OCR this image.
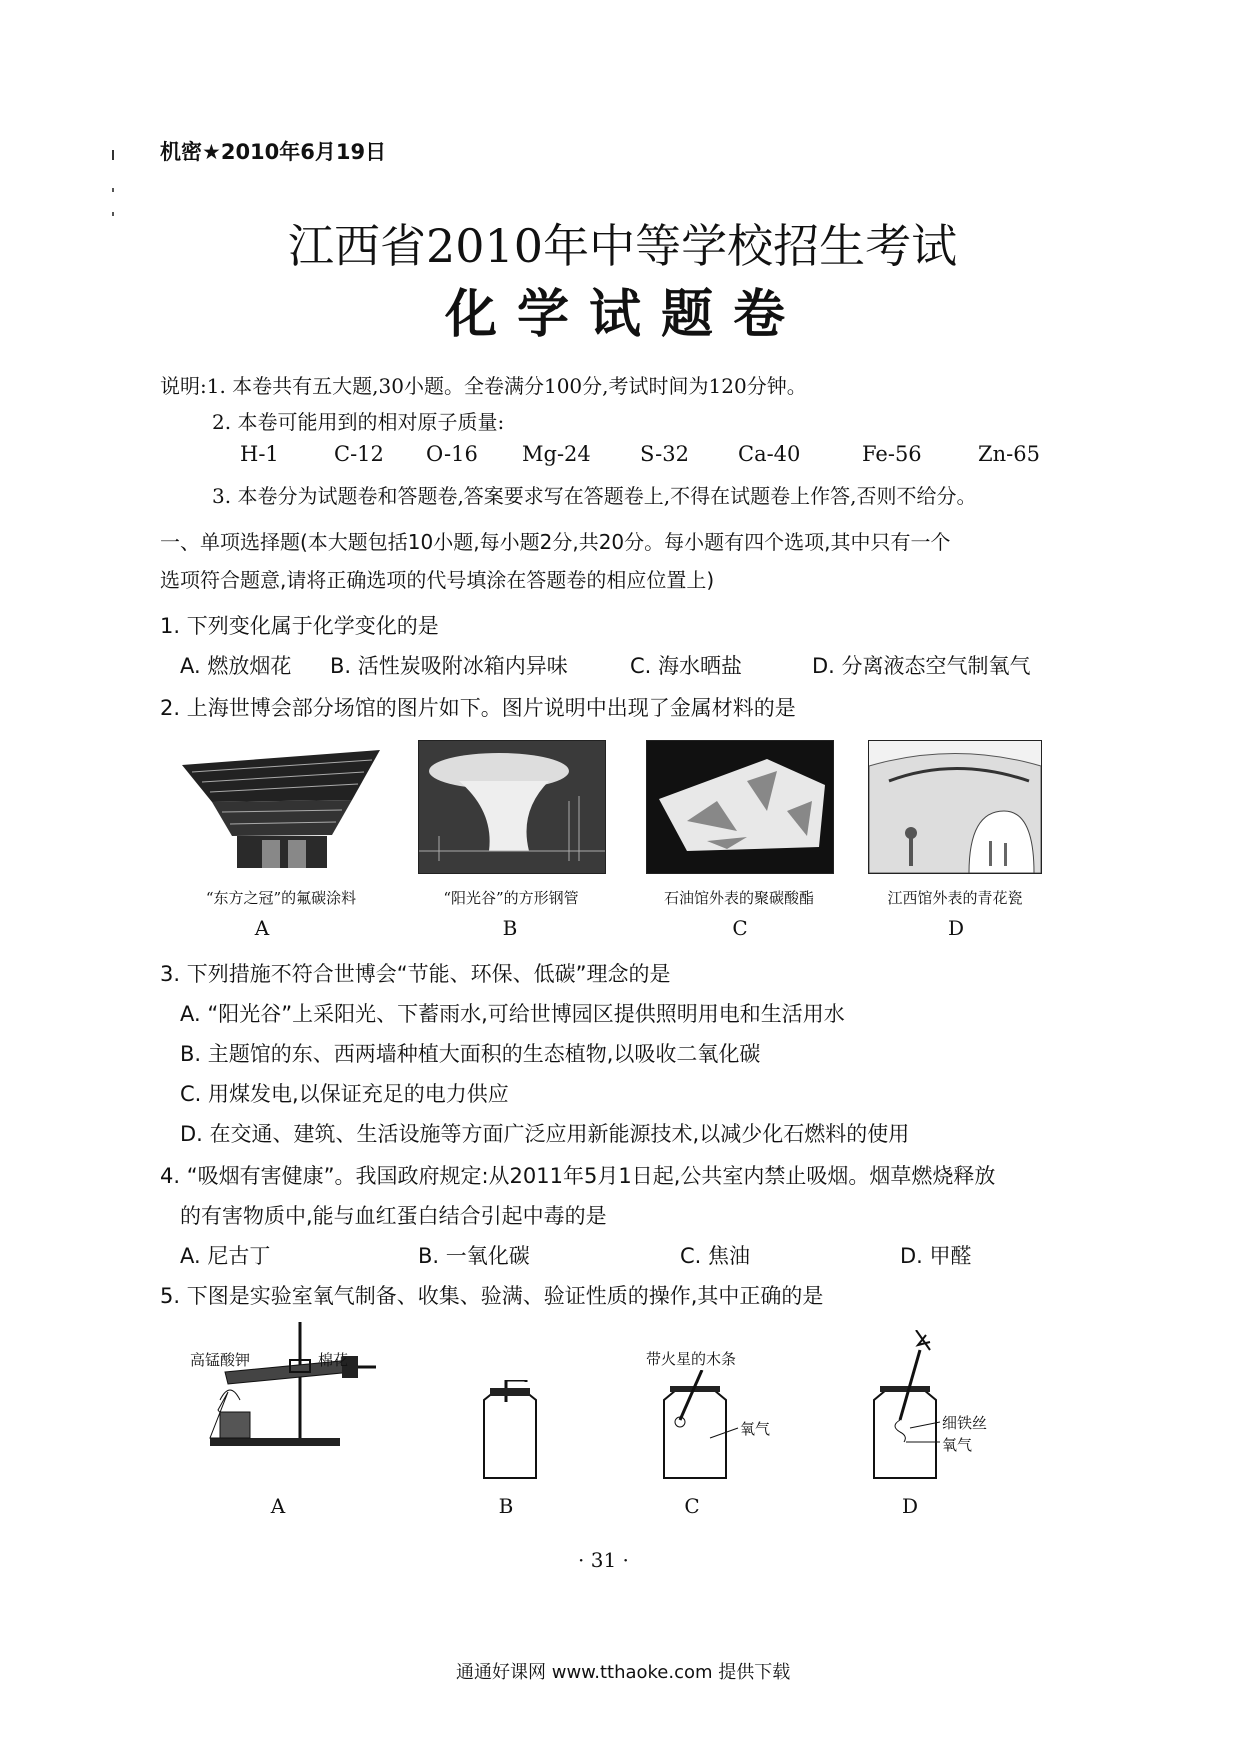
机密★2010年6月19日
江西省2010年中等学校招生考试
化学试题卷
说明:1. 本卷共有五大题,30小题。全卷满分100分,考试时间为120分钟。
2. 本卷可能用到的相对原子质量:
H-1	C-12 O-16 Mg-24 S-32 Ca-40	Fe-56	Zn-65
3. 本卷分为试题卷和答题卷,答案要求写在答题卷上,不得在试题卷上作答,否则不给分。
一、单项选择题(本大题包括10小题,每小题2分,共20分。每小题有四个选项,其中只有一个
选项符合题意,请将正确选项的代号填涂在答题卷的相应位置上)
1. 下列变化属于化学变化的是
A. 燃放烟花 B. 活性炭吸附冰箱内异味	C. 海水晒盐	D. 分离液态空气制氧气
2. 上海世博会部分场馆的图片如下。图片说明中出现了金属材料的是
“东方之冠”的氟碳涂料	“阳光谷”的方形钢管	石油馆外表的聚碳酸酯	江西馆外表的青花瓷
A	B	C	D
3. 下列措施不符合世博会“节能、环保、低碳”理念的是
A. “阳光谷”上采阳光、下蓄雨水,可给世博园区提供照明用电和生活用水
B. 主题馆的东、西两墙种植大面积的生态植物,以吸收二氧化碳
C. 用煤发电,以保证充足的电力供应
D. 在交通、建筑、生活设施等方面广泛应用新能源技术,以减少化石燃料的使用
4. “吸烟有害健康”。我国政府规定:从2011年5月1日起,公共室内禁止吸烟。烟草燃烧释放
的有害物质中,能与血红蛋白结合引起中毒的是
A. 尼古丁	B. 一氧化碳	C. 焦油	D. 甲醛
5. 下图是实验室氧气制备、收集、验满、验证性质的操作,其中正确的是
高锰酸钾	棉花	带火星的木条
氧气	细铁丝
氧气
A	B	C	D
· 31 ·
通通好课网 www.tthaoke.com 提供下载
